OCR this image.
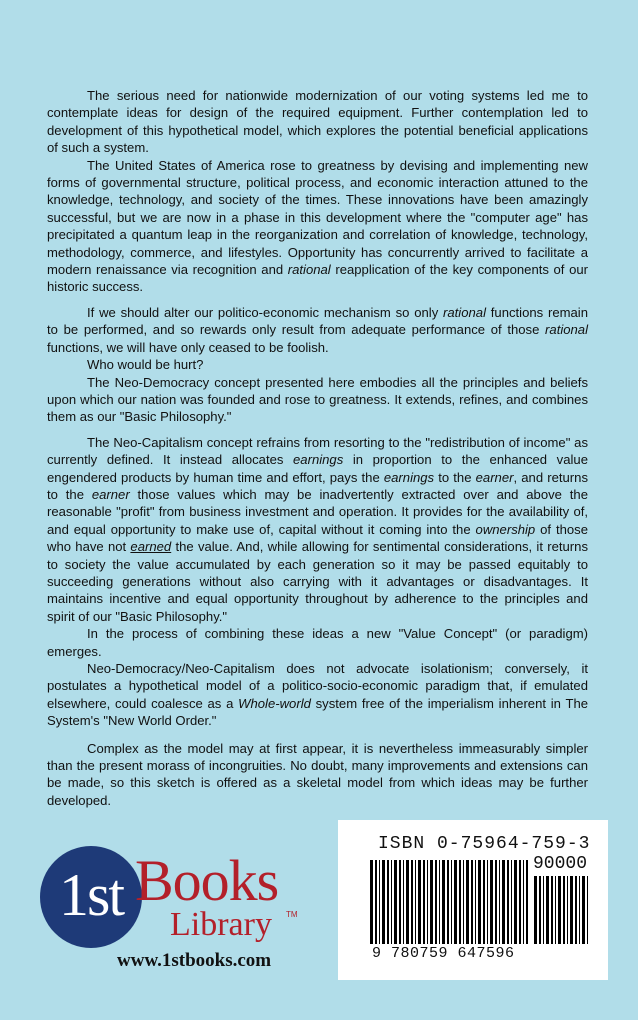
The serious need for nationwide modernization of our voting systems led me to contemplate ideas for design of the required equipment. Further contemplation led to development of this hypothetical model, which explores the potential beneficial applications of such a system.

The United States of America rose to greatness by devising and implementing new forms of governmental structure, political process, and economic interaction attuned to the knowledge, technology, and society of the times. These innovations have been amazingly successful, but we are now in a phase in this development where the "computer age" has precipitated a quantum leap in the reorganization and correlation of knowledge, technology, methodology, commerce, and lifestyles. Opportunity has concurrently arrived to facilitate a modern renaissance via recognition and rational reapplication of the key components of our historic success.

If we should alter our politico-economic mechanism so only rational functions remain to be performed, and so rewards only result from adequate performance of those rational functions, we will have only ceased to be foolish.

Who would be hurt?

The Neo-Democracy concept presented here embodies all the principles and beliefs upon which our nation was founded and rose to greatness. It extends, refines, and combines them as our "Basic Philosophy."

The Neo-Capitalism concept refrains from resorting to the "redistribution of income" as currently defined. It instead allocates earnings in proportion to the enhanced value engendered products by human time and effort, pays the earnings to the earner, and returns to the earner those values which may be inadvertently extracted over and above the reasonable "profit" from business investment and operation. It provides for the availability of, and equal opportunity to make use of, capital without it coming into the ownership of those who have not earned the value. And, while allowing for sentimental considerations, it returns to society the value accumulated by each generation so it may be passed equitably to succeeding generations without also carrying with it advantages or disadvantages. It maintains incentive and equal opportunity throughout by adherence to the principles and spirit of our "Basic Philosophy."

In the process of combining these ideas a new "Value Concept" (or paradigm) emerges.

Neo-Democracy/Neo-Capitalism does not advocate isolationism; conversely, it postulates a hypothetical model of a politico-socio-economic paradigm that, if emulated elsewhere, could coalesce as a Whole-world system free of the imperialism inherent in The System's "New World Order."

Complex as the model may at first appear, it is nevertheless immeasurably simpler than the present morass of incongruities. No doubt, many improvements and extensions can be made, so this sketch is offered as a skeletal model from which ideas may be further developed.

1st Books
Library TM
www.1stbooks.com
ISBN 0-75964-759-3
90000
9 780759 647596
